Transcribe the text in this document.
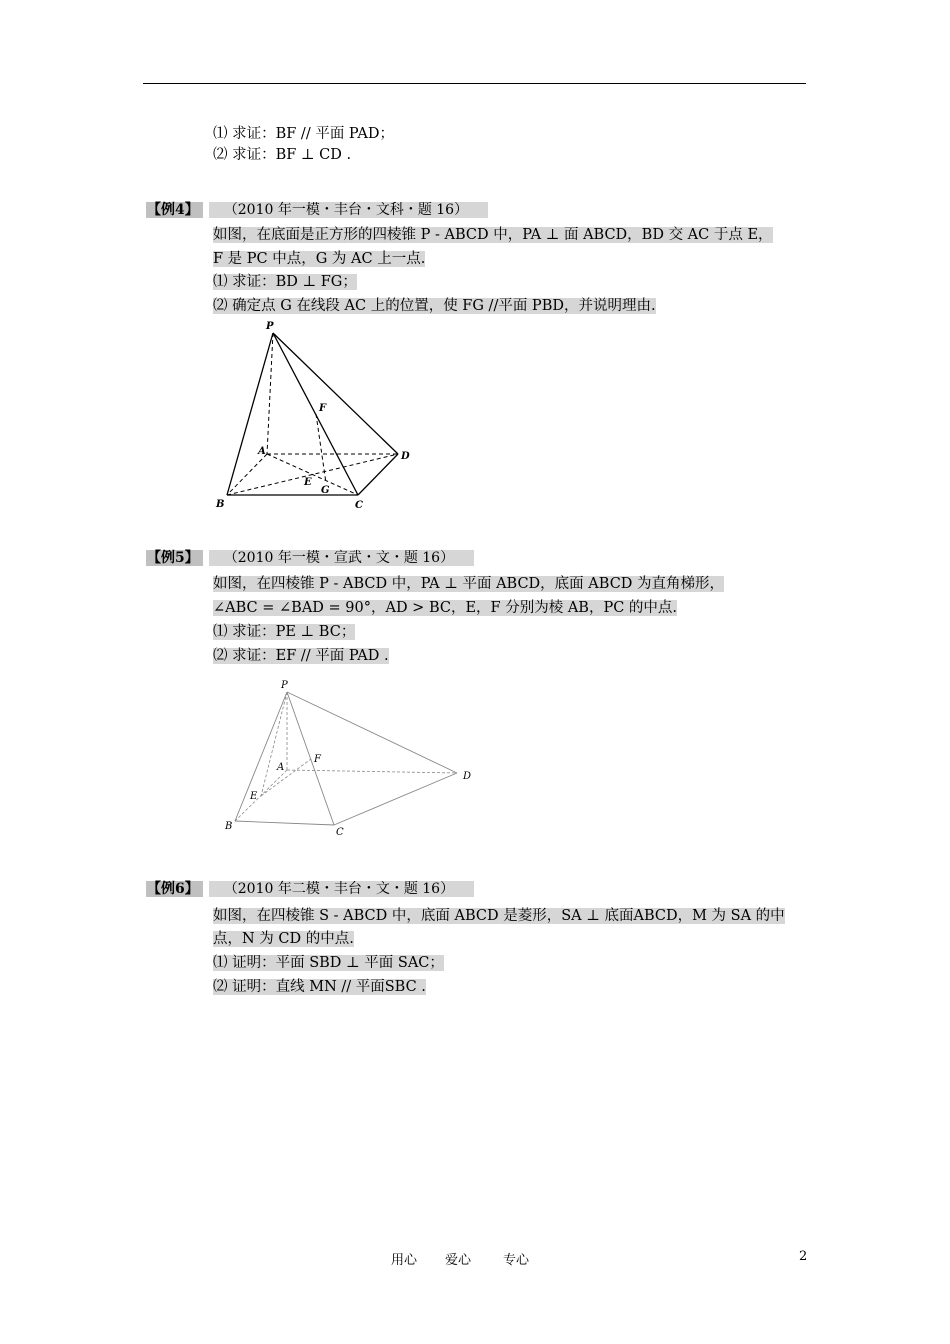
⑴ 求证：BF // 平面 PAD；
⑵ 求证：BF ⊥ CD .
【例4】 （2010 年一模・丰台・文科・题 16）
如图，在底面是正方形的四棱锥 P - ABCD 中，PA ⊥ 面 ABCD，BD 交 AC 于点 E，
F 是 PC 中点，G 为 AC 上一点.
⑴ 求证：BD ⊥ FG；
⑵ 确定点 G 在线段 AC 上的位置，使 FG //平面 PBD，并说明理由.
P
A
B	C
D
E
F
G
【例5】 （2010 年一模・宣武・文・题 16）
如图，在四棱锥 P - ABCD 中，PA ⊥ 平面 ABCD，底面 ABCD 为直角梯形，
∠ABC = ∠BAD = 90°，AD > BC，E，F 分别为棱 AB，PC 的中点.
⑴ 求证：PE ⊥ BC；
⑵ 求证：EF // 平面 PAD .
P
A
B
C
D
E
F
【例6】 （2010 年二模・丰台・文・题 16）
如图，在四棱锥 S - ABCD 中，底面 ABCD 是菱形，SA ⊥ 底面ABCD，M 为 SA 的中
点，N 为 CD 的中点.
⑴ 证明：平面 SBD ⊥ 平面 SAC；
⑵ 证明：直线 MN // 平面SBC .
用心 爱心 专心	2
